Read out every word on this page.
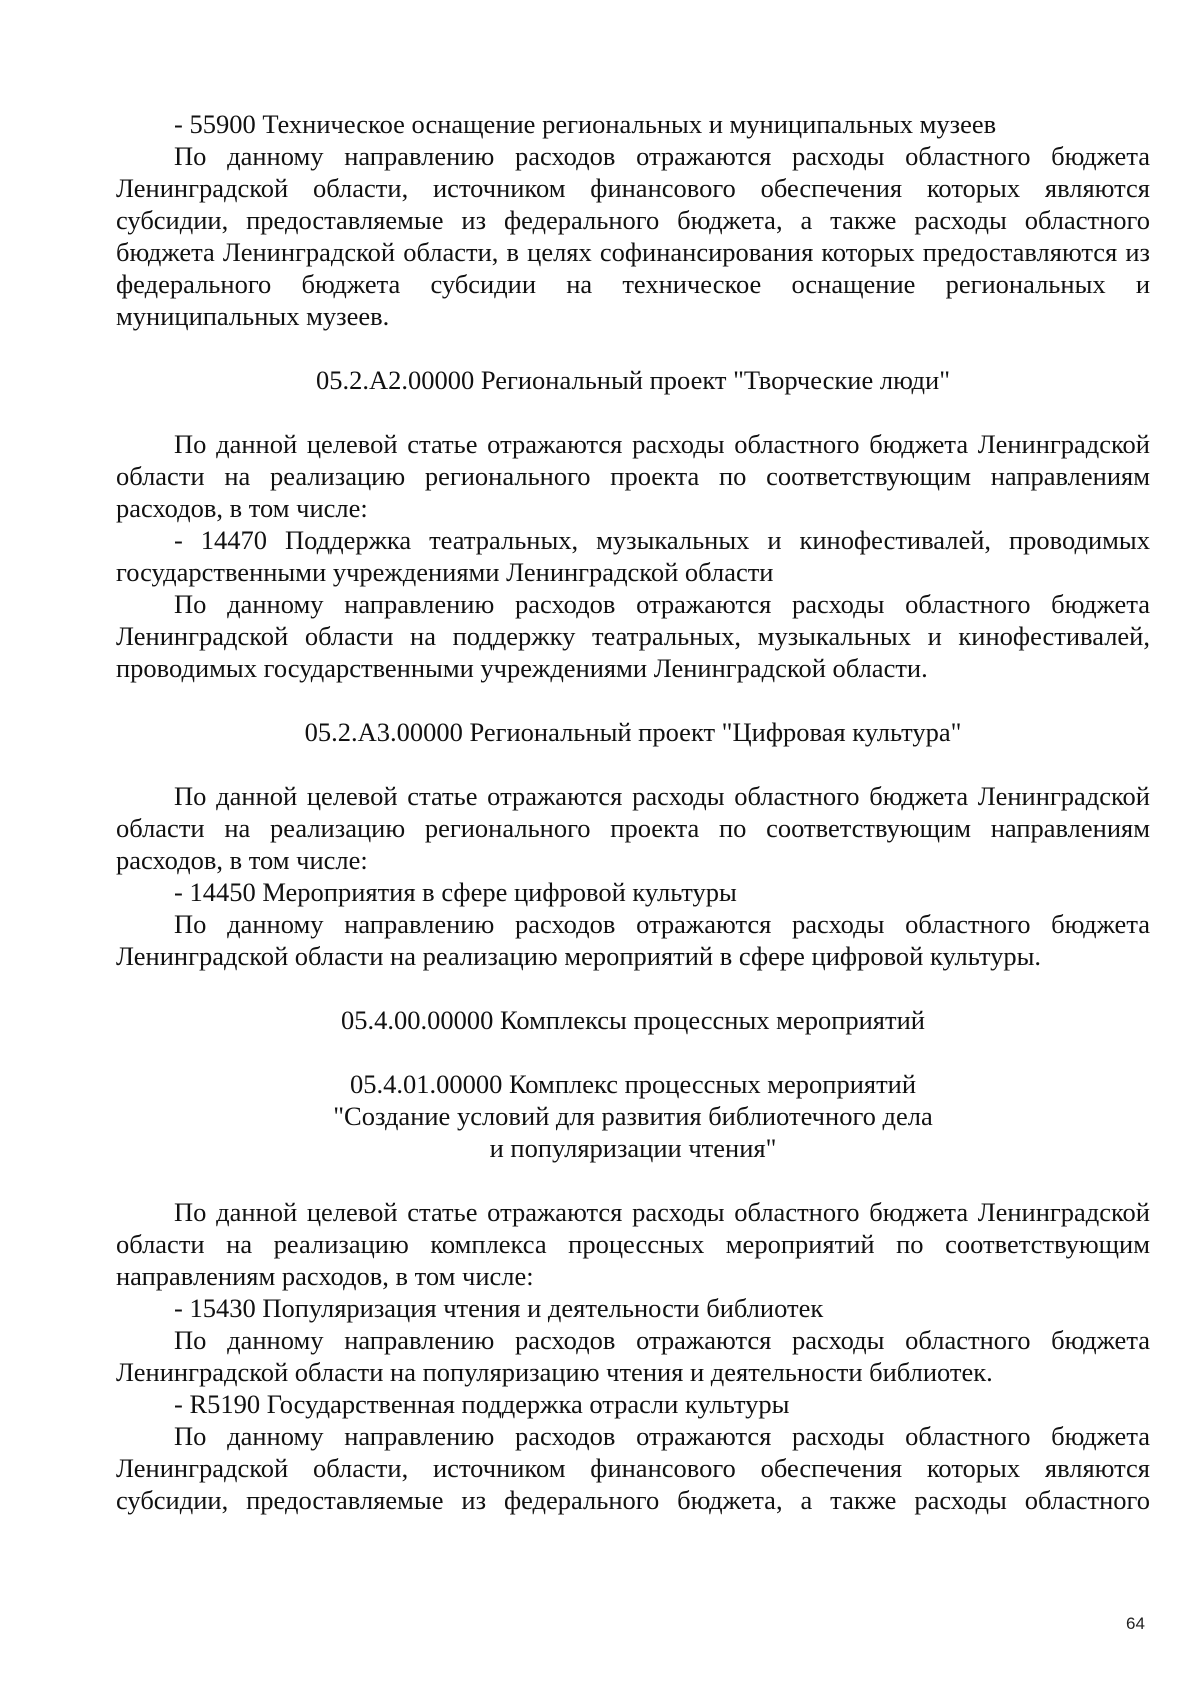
- 55900 Техническое оснащение региональных и муниципальных музеев

По данному направлению расходов отражаются расходы областного бюджета Ленинградской области, источником финансового обеспечения которых являются субсидии, предоставляемые из федерального бюджета, а также расходы областного бюджета Ленинградской области, в целях софинансирования которых предоставляются из федерального бюджета субсидии на техническое оснащение региональных и муниципальных музеев.

05.2.А2.00000 Региональный проект "Творческие люди"

По данной целевой статье отражаются расходы областного бюджета Ленинградской области на реализацию регионального проекта по соответствующим направлениям расходов, в том числе:

- 14470 Поддержка театральных, музыкальных и кинофестивалей, проводимых государственными учреждениями Ленинградской области

По данному направлению расходов отражаются расходы областного бюджета Ленинградской области на поддержку театральных, музыкальных и кинофестивалей, проводимых государственными учреждениями Ленинградской области.

05.2.А3.00000 Региональный проект "Цифровая культура"

По данной целевой статье отражаются расходы областного бюджета Ленинградской области на реализацию регионального проекта по соответствующим направлениям расходов, в том числе:

- 14450 Мероприятия в сфере цифровой культуры

По данному направлению расходов отражаются расходы областного бюджета Ленинградской области на реализацию мероприятий в сфере цифровой культуры.

05.4.00.00000 Комплексы процессных мероприятий

05.4.01.00000 Комплекс процессных мероприятий

"Создание условий для развития библиотечного дела

и популяризации чтения"

По данной целевой статье отражаются расходы областного бюджета Ленинградской области на реализацию комплекса процессных мероприятий по соответствующим направлениям расходов, в том числе:

- 15430 Популяризация чтения и деятельности библиотек

По данному направлению расходов отражаются расходы областного бюджета Ленинградской области на популяризацию чтения и деятельности библиотек.

- R5190 Государственная поддержка отрасли культуры

По данному направлению расходов отражаются расходы областного бюджета Ленинградской области, источником финансового обеспечения которых являются субсидии, предоставляемые из федерального бюджета, а также расходы областного

64
